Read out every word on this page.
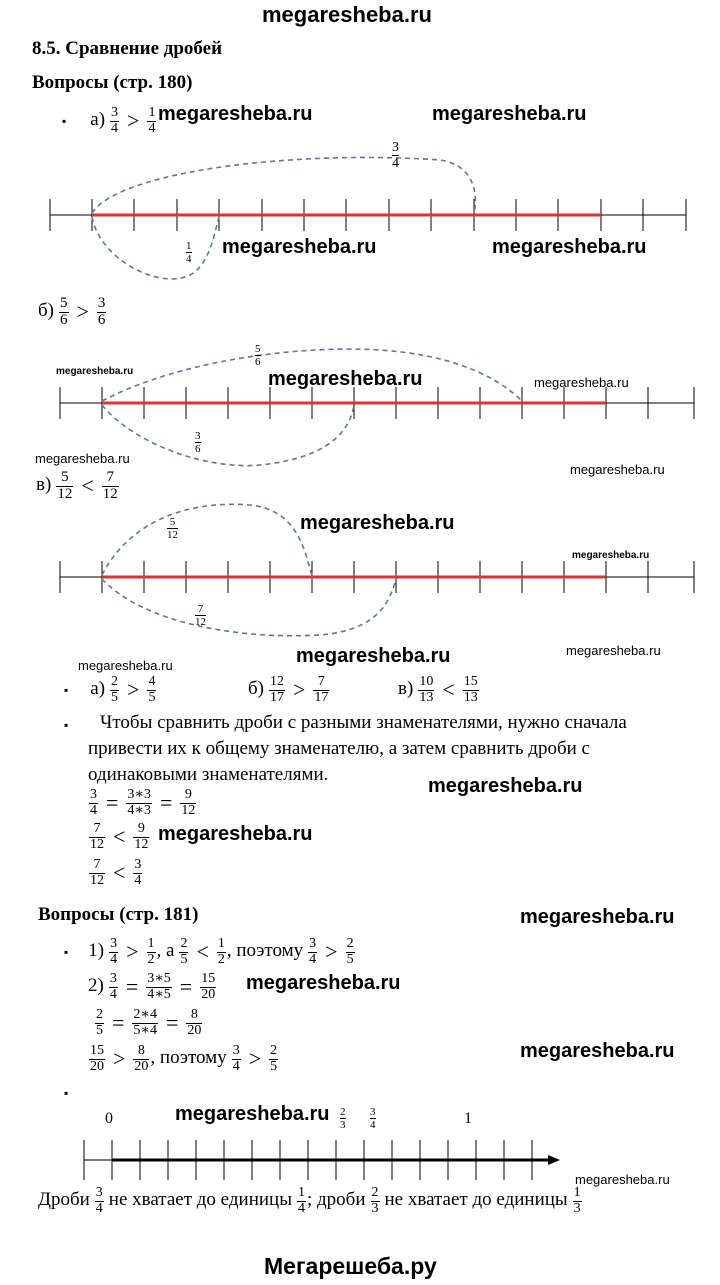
megaresheba.ru
8.5. Сравнение дробей
Вопросы (стр. 180)
▪ $а) \frac{3}{4} > \frac{1}{4}$ megaresheba.ru	megaresheba.ru
$\frac{3}{4}$
$\frac{1}{4}$ megaresheba.ru	megaresheba.ru
$б) \frac{5}{6} > \frac{3}{6}$
$\frac{5}{6}$
megaresheba.ru	megaresheba.ru	megaresheba.ru
$\frac{3}{6}$
megaresheba.ru
megaresheba.ru
$в) \frac{5}{12} < \frac{7}{12}$
$\frac{5}{12}$	megaresheba.ru
megaresheba.ru
$\frac{7}{12}$
megaresheba.ru	megaresheba.ru
megaresheba.ru
▪ $а) \frac{2}{5} > \frac{4}{5}$	$б) \frac{12}{17} > \frac{7}{17}$	$в) \frac{10}{13} < \frac{15}{13}$
▪ Чтобы сравнить дроби с разными знаменателями, нужно сначала
привести их к общему знаменателю, а затем сравнить дроби с
одинаковыми знаменателями.
megaresheba.ru
$\frac{3}{4} = \frac{3∗3}{4∗3} = \frac{9}{12}$
$\frac{7}{12} < \frac{9}{12}$ megaresheba.ru
$\frac{7}{12} < \frac{3}{4}$
Вопросы (стр. 181)	megaresheba.ru
▪ $1) \frac{3}{4} > \frac{1}{2}$ , а $\frac{2}{5} < \frac{1}{2}$ , поэтому $\frac{3}{4} > \frac{2}{5}$
$2) \frac{3}{4} = \frac{3∗5}{4∗5} = \frac{15}{20}$ megaresheba.ru
$\frac{2}{5} = \frac{2∗4}{5∗4} = \frac{8}{20}$
$\frac{15}{20} > \frac{8}{20}$ , поэтому $\frac{3}{4} > \frac{2}{5}$	megaresheba.ru
▪
0	megaresheba.ru $\frac{2}{3} \frac{3}{4}$	1
megaresheba.ru
Дроби $\frac{3}{4}$ не хватает до единицы $\frac{1}{4}$ ; дроби $\frac{2}{3}$ не хватает до единицы $\frac{1}{3}$
Мегарешеба.ру
